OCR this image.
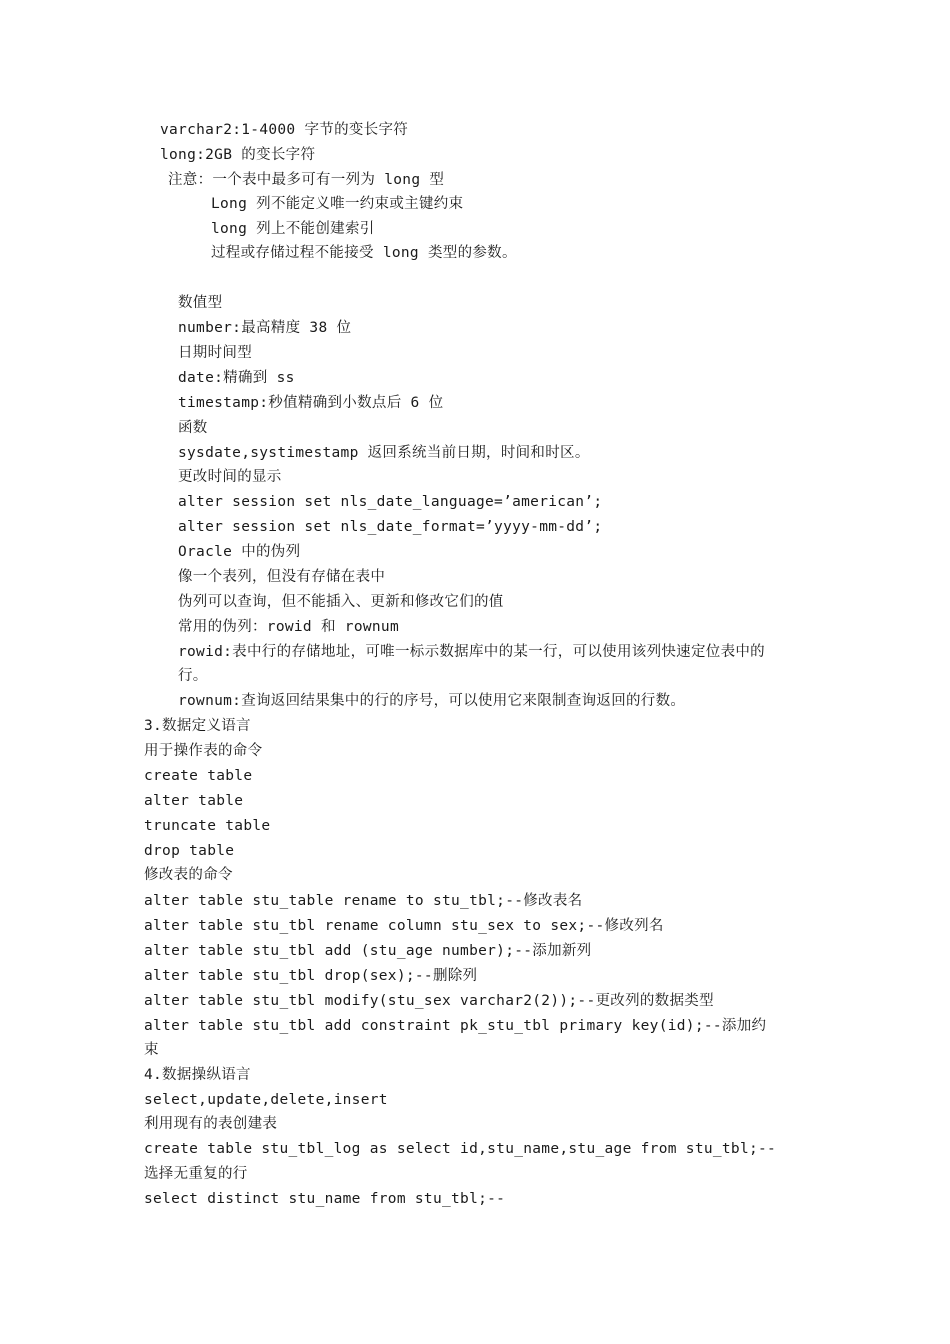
varchar2:1-4000 字节的变长字符
long:2GB 的变长字符
注意：一个表中最多可有一列为 long 型
Long 列不能定义唯一约束或主键约束
long 列上不能创建索引
过程或存储过程不能接受 long 类型的参数。
数值型
number:最高精度 38 位
日期时间型
date:精确到 ss
timestamp:秒值精确到小数点后 6 位
函数
sysdate,systimestamp 返回系统当前日期，时间和时区。
更改时间的显示
alter session set nls_date_language=’american’;
alter session set nls_date_format=’yyyy-mm-dd’;
Oracle 中的伪列
像一个表列，但没有存储在表中
伪列可以查询，但不能插入、更新和修改它们的值
常用的伪列：rowid 和 rownum
rowid:表中行的存储地址，可唯一标示数据库中的某一行，可以使用该列快速定位表中的
行。
rownum:查询返回结果集中的行的序号，可以使用它来限制查询返回的行数。
3.数据定义语言
用于操作表的命令
create table
alter table
truncate table
drop table
修改表的命令
alter table stu_table rename to stu_tbl;--修改表名
alter table stu_tbl rename column stu_sex to sex;--修改列名
alter table stu_tbl add (stu_age number);--添加新列
alter table stu_tbl drop(sex);--删除列
alter table stu_tbl modify(stu_sex varchar2(2));--更改列的数据类型
alter table stu_tbl add constraint pk_stu_tbl primary key(id);--添加约
束
4.数据操纵语言
select,update,delete,insert
利用现有的表创建表
create table stu_tbl_log as select id,stu_name,stu_age from stu_tbl;--
选择无重复的行
select distinct stu_name from stu_tbl;--
